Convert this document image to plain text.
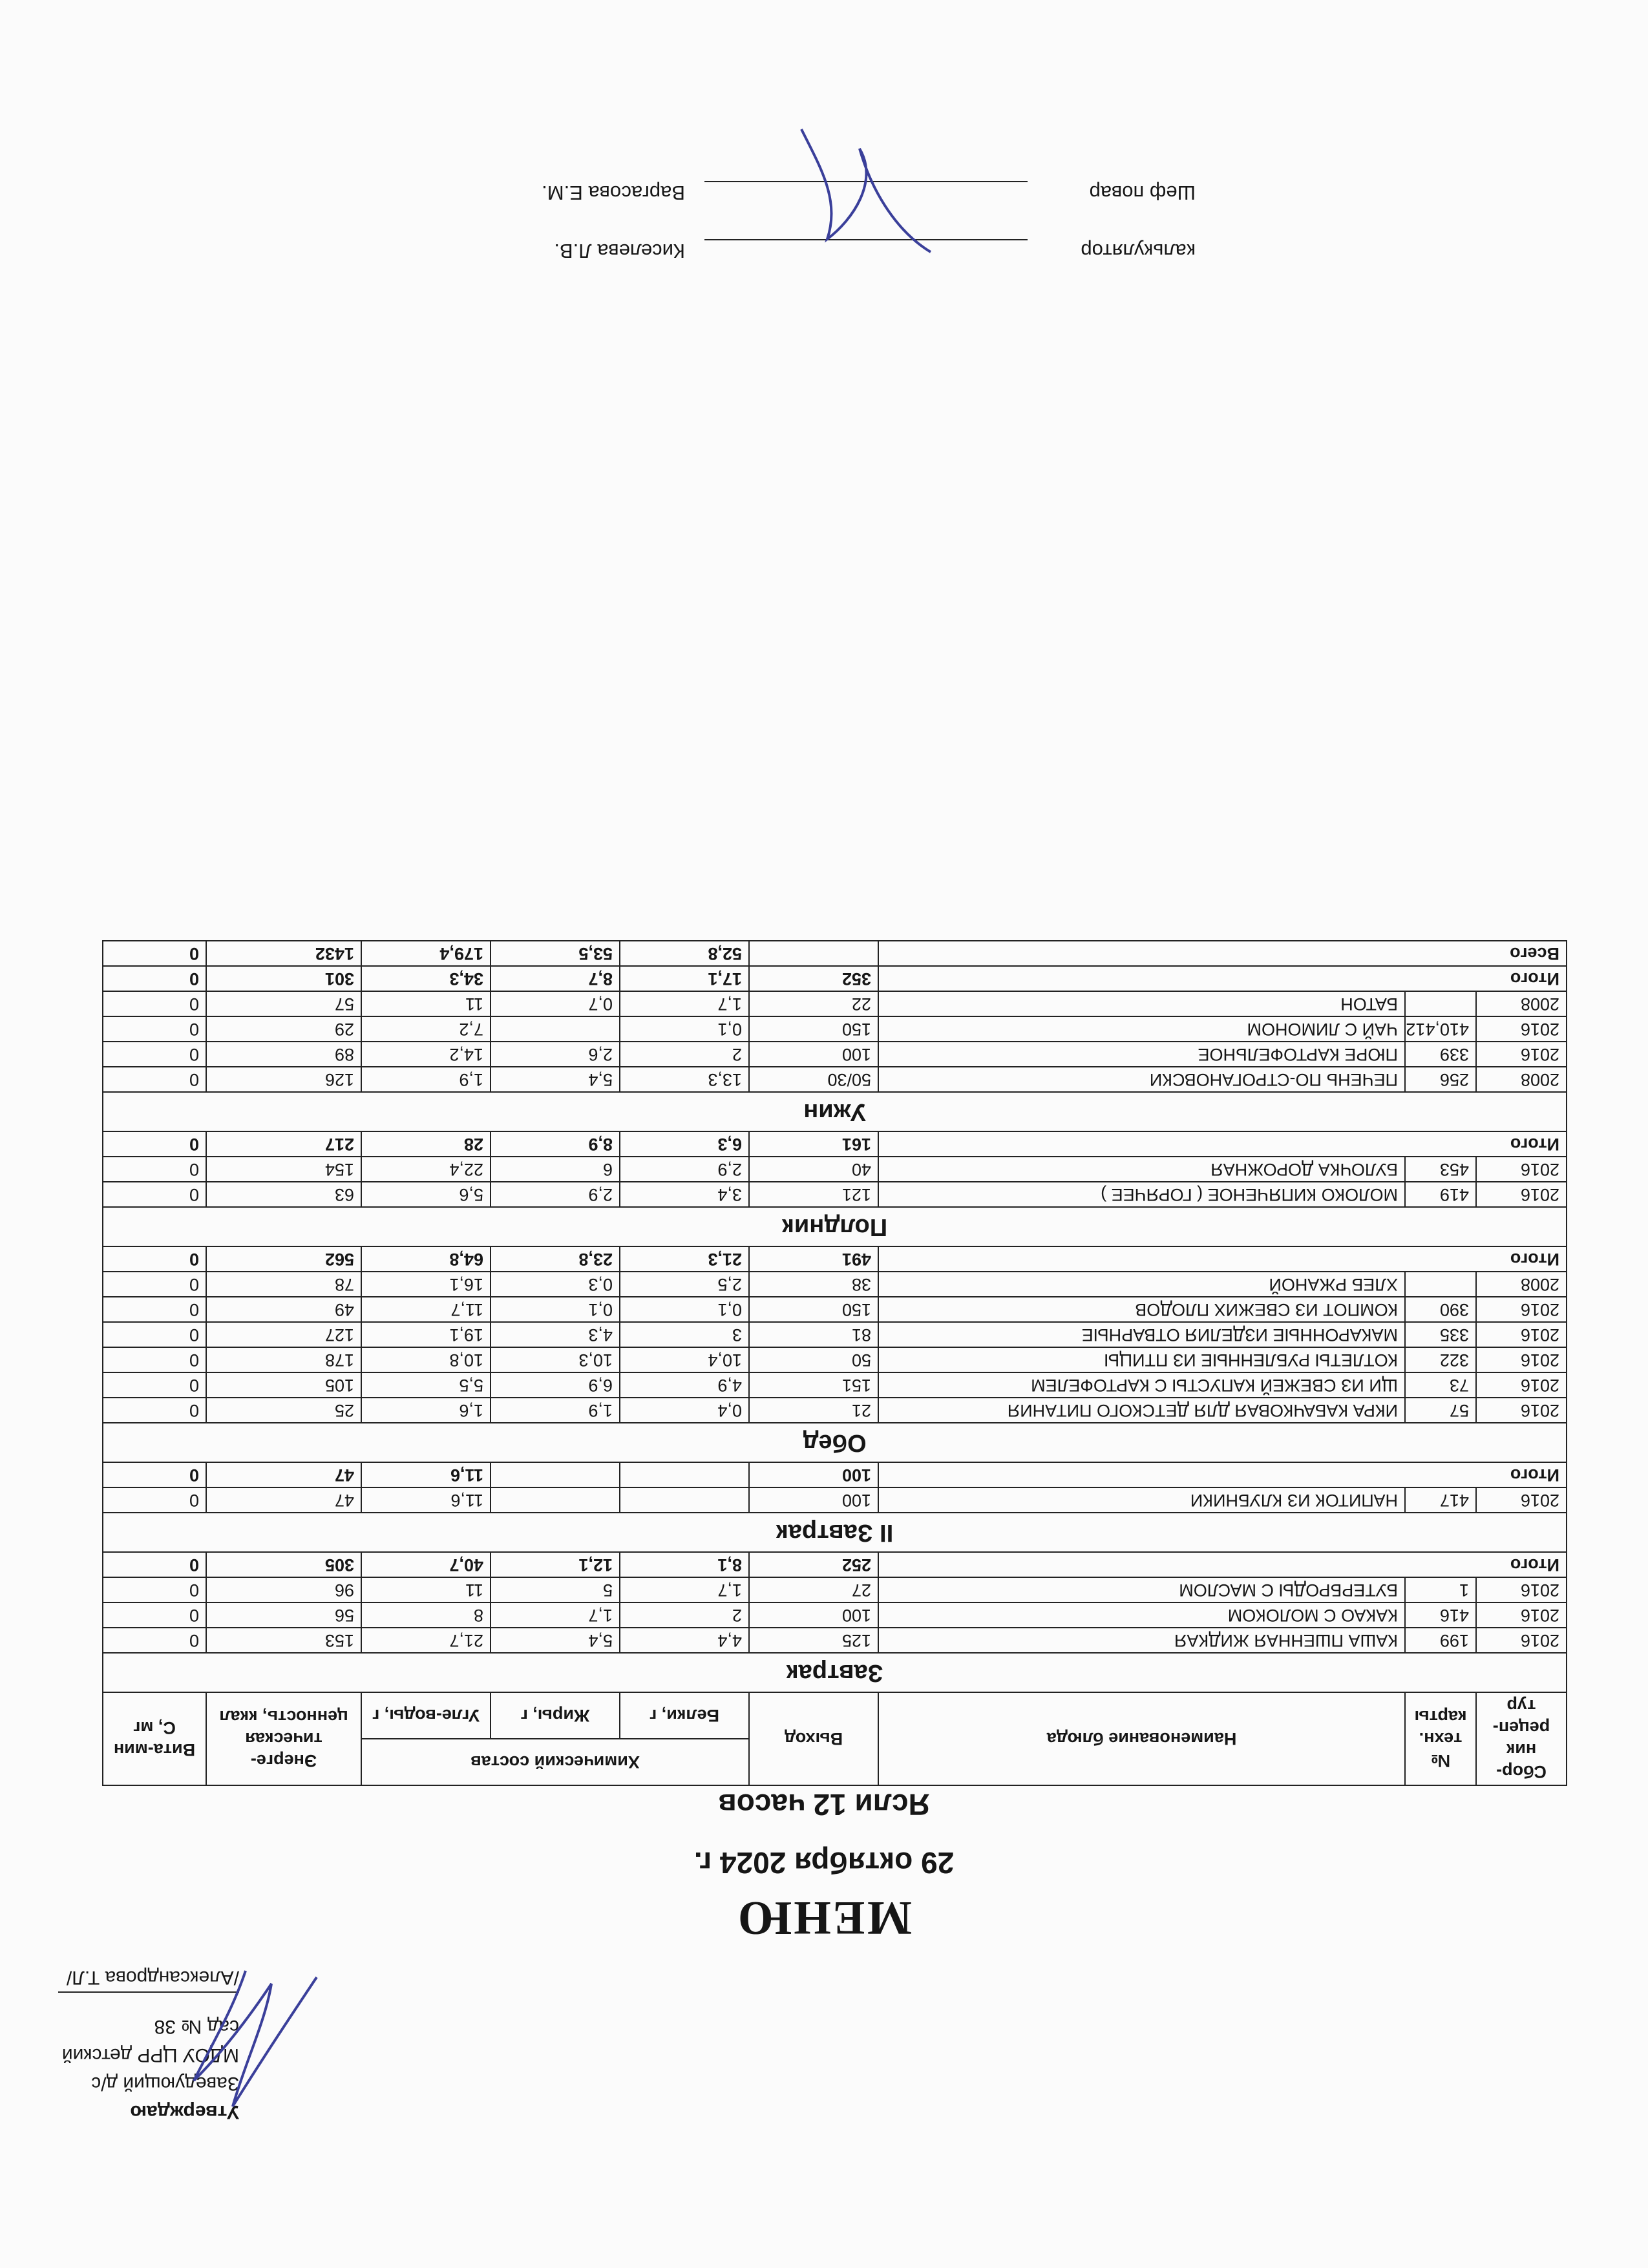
Утверждаю
Заведующий д/с
МДОУ ЦРР детский сад № 38
/Александрова Т.Л/
МЕНЮ
29 октября 2024 г.
Ясли 12 часов
Сбор-ник рецеп-тур	№ техн. карты	Наименование блюда	Выход	Химический состав			Энерге-тическая ценность, ккал	Вита-мин С, мг
				Белки, г	Жиры, г	Угле-воды, г		
Завтрак								
2016	199	КАША ПШЕННАЯ ЖИДКАЯ	125	4,4	5,4	21,7	153	0
2016	416	КАКАО С МОЛОКОМ	100	2	1,7	8	56	0
2016	1	БУТЕРБРОДЫ С МАСЛОМ	27	1,7	5	11	96	0
Итого			252	8,1	12,1	40,7	305	0
II Завтрак								
2016	417	НАПИТОК ИЗ КЛУБНИКИ	100			11,6	47	0
Итого			100			11,6	47	0
Обед								
2016	57	ИКРА КАБАЧКОВАЯ ДЛЯ ДЕТСКОГО ПИТАНИЯ	21	0,4	1,9	1,6	25	0
2016	73	ЩИ ИЗ СВЕЖЕЙ КАПУСТЫ С КАРТОФЕЛЕМ	151	4,9	6,9	5,5	105	0
2016	322	КОТЛЕТЫ РУБЛЕННЫЕ ИЗ ПТИЦЫ	50	10,4	10,3	10,8	178	0
2016	335	МАКАРОННЫЕ ИЗДЕЛИЯ ОТВАРНЫЕ	81	3	4,3	19,1	127	0
2016	390	КОМПОТ ИЗ СВЕЖИХ ПЛОДОВ	150	0,1	0,1	11,7	49	0
2008		ХЛЕБ РЖАНОЙ	38	2,5	0,3	16,1	78	0
Итого			491	21,3	23,8	64,8	562	0
Полдник								
2016	419	МОЛОКО КИПЯЧЕНОЕ ( ГОРЯЧЕЕ )	121	3,4	2,9	5,6	63	0
2016	453	БУЛОЧКА ДОРОЖНАЯ	40	2,9	6	22,4	154	0
Итого			161	6,3	8,9	28	217	0
Ужин								
2008	256	ПЕЧЕНЬ ПО-СТРОГАНОВСКИ	50/30	13,3	5,4	1,9	126	0
2016	339	ПЮРЕ КАРТОФЕЛЬНОЕ	100	2	2,6	14,2	89	0
2016	410,412	ЧАЙ С ЛИМОНОМ	150	0,1		7,2	29	0
2008		БАТОН	22	1,7	0,7	11	57	0
Итого			352	17,1	8,7	34,3	301	0
Всего				52,8	53,5	179,4	1432	0
калькулятор
Киселева Л.В.
Шеф повар
Варгасова Е.М.
